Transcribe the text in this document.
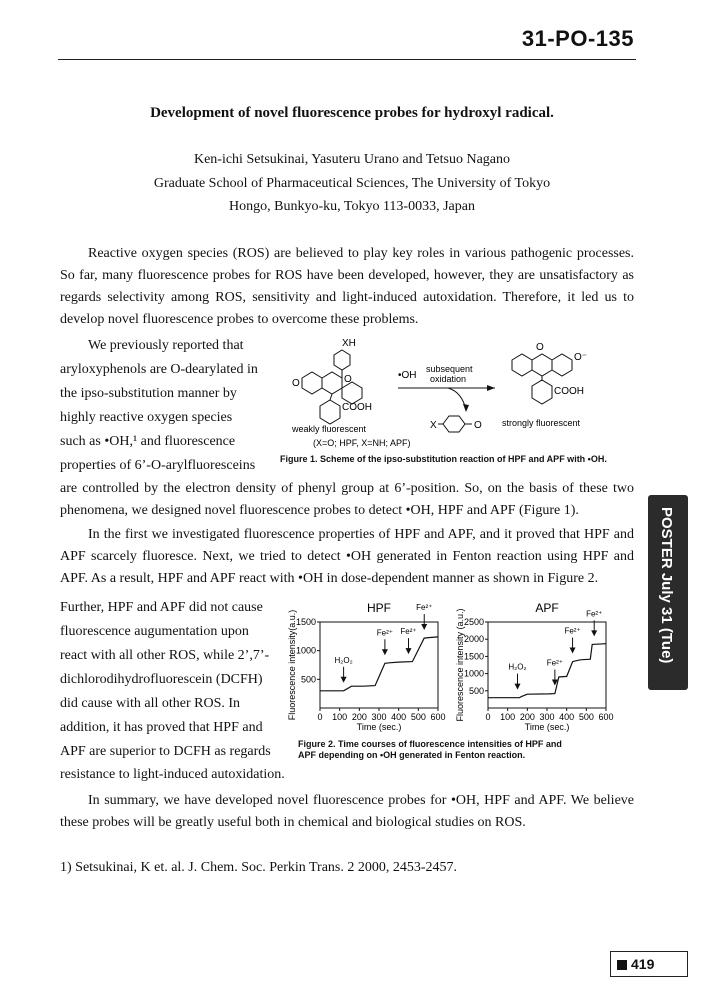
31-PO-135
Development of novel fluorescence probes for hydroxyl radical.
Ken-ichi Setsukinai, Yasuteru Urano and Tetsuo Nagano
Graduate School of Pharmaceutical Sciences, The University of Tokyo
Hongo, Bunkyo-ku, Tokyo 113-0033, Japan
Reactive oxygen species (ROS) are believed to play key roles in various pathogenic processes. So far, many fluorescence probes for ROS have been developed, however, they are unsatisfactory as regards selectivity among ROS, sensitivity and light-induced autoxidation. Therefore, it led us to develop novel fluorescence probes to overcome these problems.
We previously reported that
aryloxyphenols are O-dearylated in
the ipso-substitution manner by
highly reactive oxygen species
such as •OH,¹ and fluorescence
properties of 6’-O-arylfluoresceins
XH
O
O
COOH
weakly fluorescent
(X=O; HPF, X=NH; APF)
•OH
subsequent
oxidation
X	O
O
O⁻
COOH
strongly fluorescent
Figure 1. Scheme of the ipso-substitution reaction of HPF and APF with •OH.
are controlled by the electron density of phenyl group at 6’-position. So, on the basis of these two phenomena, we designed novel fluorescence probes to detect •OH, HPF and APF (Figure 1).
In the first we investigated fluorescence properties of HPF and APF, and it proved that HPF and APF scarcely fluoresce. Next, we tried to detect •OH generated in Fenton reaction using HPF and APF. As a result, HPF and APF react with •OH in dose-dependent manner as shown in Figure 2.
Further, HPF and APF did not cause
fluorescence augumentation upon
react with all other ROS, while 2’,7’-
dichlorodihydrofluorescein (DCFH)
did cause with all other ROS. In
addition, it has proved that HPF and
APF are superior to DCFH as regards
resistance to light-induced autoxidation.
HPF
500
1000
1500
0 100 200 300 400 500 600
Time (sec.)
Fluorescence intensity(a.u.)	H₂O₂
Fe²⁺ Fe²⁺
Fe²⁺	APF
500
1000
1500
2000
2500
0 100 200 300 400 500 600
Time (sec.)
Fluorescence intensity (a.u.)	H₂O₂	Fe²⁺
Fe²⁺
Fe²⁺
Figure 2. Time courses of fluorescence intensities of HPF and
APF depending on •OH generated in Fenton reaction.
In summary, we have developed novel fluorescence probes for •OH, HPF and APF. We believe these probes will be greatly useful both in chemical and biological studies on ROS.
1) Setsukinai, K et. al. J. Chem. Soc. Perkin Trans. 2 2000, 2453-2457.
POSTER July 31 (Tue)
419
